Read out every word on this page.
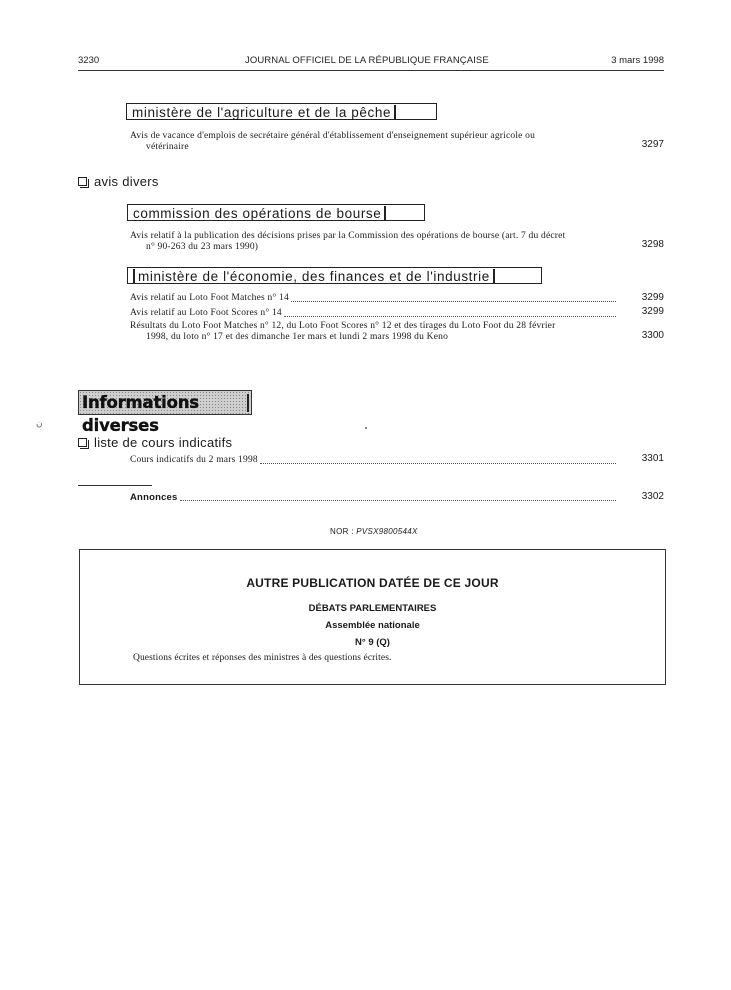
3230	JOURNAL OFFICIEL DE LA RÉPUBLIQUE FRANÇAISE	3 mars 1998
ministère de l'agriculture et de la pêche
Avis de vacance d'emplois de secrétaire général d'établissement d'enseignement supérieur agricole ou
vétérinaire	3297
avis divers
commission des opérations de bourse
Avis relatif à la publication des décisions prises par la Commission des opérations de bourse (art. 7 du décret
n° 90-263 du 23 mars 1990)	3298
ministère de l'économie, des finances et de l'industrie
Avis relatif au Loto Foot Matches n° 14	3299
Avis relatif au Loto Foot Scores n° 14	3299
Résultats du Loto Foot Matches n° 12, du Loto Foot Scores n° 12 et des tirages du Loto Foot du 28 février
1998, du loto n° 17 et des dimanche 1er mars et lundi 2 mars 1998 du Keno	3300
Informations diverses
ن
liste de cours indicatifs
Cours indicatifs du 2 mars 1998	3301
Annonces	3302
NOR : PVSX9800544X
AUTRE PUBLICATION DATÉE DE CE JOUR
DÉBATS PARLEMENTAIRES
Assemblée nationale
N° 9 (Q)
Questions écrites et réponses des ministres à des questions écrites.
